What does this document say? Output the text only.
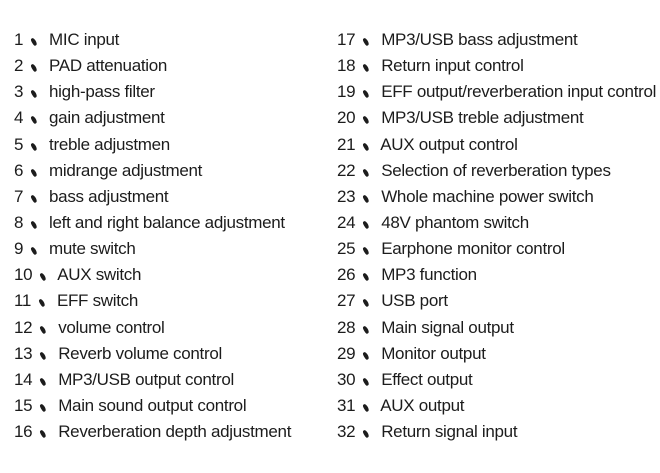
1 MIC input
2 PAD attenuation
3 high-pass filter
4 gain adjustment
5 treble adjustmen
6 midrange adjustment
7 bass adjustment
8 left and right balance adjustment
9 mute switch
10 AUX switch
11 EFF switch
12 volume control
13 Reverb volume control
14  MP3/USB output control
15 Main sound output control
16 Reverberation depth adjustment
17 MP3/USB bass adjustment
18 Return input control
19 EFF output/reverberation input control
20 MP3/USB treble adjustment
21 AUX output control
22 Selection of reverberation types
23 Whole machine power switch
24 48V phantom switch
25 Earphone monitor control
26 MP3 function
27 USB port
28 Main signal output
29 Monitor output
30 Effect output
31 AUX output
32 Return signal input
